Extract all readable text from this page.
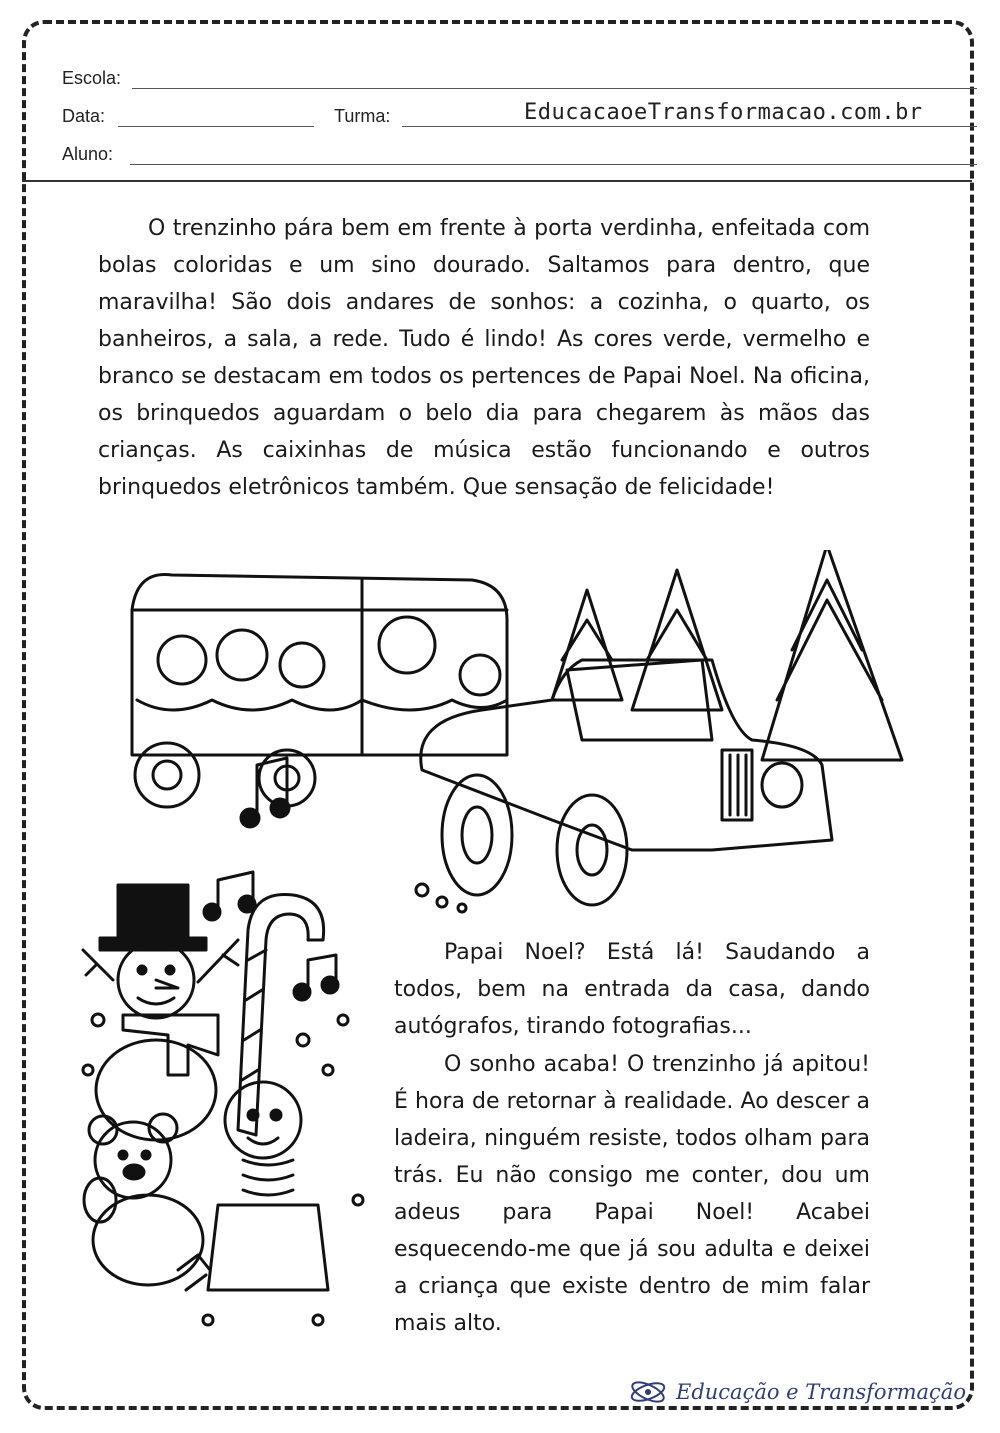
Escola:
Data:	Turma:	EducacaoeTransformacao.com.br
Aluno:

O trenzinho pára bem em frente à porta verdinha, enfeitada com bolas coloridas e um sino dourado. Saltamos para dentro, que maravilha! São dois andares de sonhos: a cozinha, o quarto, os banheiros, a sala, a rede. Tudo é lindo! As cores verde, vermelho e branco se destacam em todos os pertences de Papai Noel. Na oficina, os brinquedos aguardam o belo dia para chegarem às mãos das crianças. As caixinhas de música estão funcionando e outros brinquedos eletrônicos também. Que sensação de felicidade!

Papai Noel? Está lá! Saudando a todos, bem na entrada da casa, dando autógrafos, tirando fotografias...

O sonho acaba! O trenzinho já apitou! É hora de retornar à realidade. Ao descer a ladeira, ninguém resiste, todos olham para trás. Eu não consigo me conter, dou um adeus para Papai Noel! Acabei esquecendo-me que já sou adulta e deixei a criança que existe dentro de mim falar mais alto.

Educação e Transformação
